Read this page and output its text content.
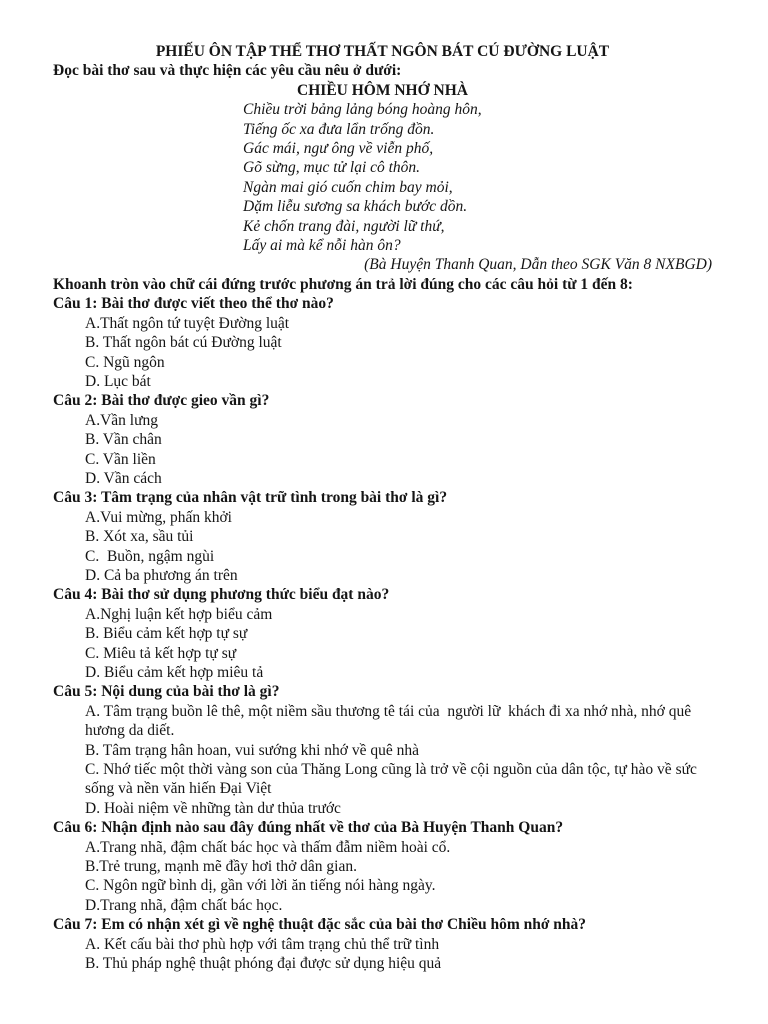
PHIẾU ÔN TẬP THỂ THƠ THẤT NGÔN BÁT CÚ ĐƯỜNG LUẬT
Đọc bài thơ sau và thực hiện các yêu cầu nêu ở dưới:
CHIỀU HÔM NHỚ NHÀ
Chiều trời bảng lảng bóng hoàng hôn,
Tiếng ốc xa đưa lẩn trống đồn.
Gác mái, ngư ông về viễn phố,
Gõ sừng, mục tử lại cô thôn.
Ngàn mai gió cuốn chim bay mỏi,
Dặm liễu sương sa khách bước dồn.
Kẻ chốn trang đài, người lữ thứ,
Lấy ai mà kể nỗi hàn ôn?
(Bà Huyện Thanh Quan, Dẫn theo SGK Văn 8 NXBGD)
Khoanh tròn vào chữ cái đứng trước phương án trả lời đúng cho các câu hỏi từ 1 đến 8:
Câu 1: Bài thơ được viết theo thể thơ nào?
A.Thất ngôn tứ tuyệt Đường luật
B. Thất ngôn bát cú Đường luật
C. Ngũ ngôn
D. Lục bát
Câu 2: Bài thơ được gieo vần gì?
A.Vần lưng
B. Vần chân
C. Vần liền
D. Vần cách
Câu 3: Tâm trạng của nhân vật trữ tình trong bài thơ là gì?
A.Vui mừng, phấn khởi
B. Xót xa, sầu tủi
C.  Buồn, ngậm ngùi
D. Cả ba phương án trên
Câu 4: Bài thơ sử dụng phương thức biểu đạt nào?
A.Nghị luận kết hợp biểu cảm
B. Biểu cảm kết hợp tự sự
C. Miêu tả kết hợp tự sự
D. Biểu cảm kết hợp miêu tả
Câu 5: Nội dung của bài thơ là gì?
A. Tâm trạng buồn lê thê, một niềm sầu thương tê tái của  người lữ  khách đi xa nhớ nhà, nhớ quê hương da diết.
B. Tâm trạng hân hoan, vui sướng khi nhớ về quê nhà
C. Nhớ tiếc một thời vàng son của Thăng Long cũng là trở về cội nguồn của dân tộc, tự hào về sức sống và nền văn hiến Đại Việt
D. Hoài niệm về những tàn dư thủa trước
Câu 6: Nhận định nào sau đây đúng nhất về thơ của Bà Huyện Thanh Quan?
A.Trang nhã, đậm chất bác học và thấm đẫm niềm hoài cổ.
B.Trẻ trung, mạnh mẽ đầy hơi thở dân gian.
C. Ngôn ngữ bình dị, gần với lời ăn tiếng nói hàng ngày.
D.Trang nhã, đậm chất bác học.
Câu 7: Em có nhận xét gì về nghệ thuật đặc sắc của bài thơ Chiều hôm nhớ nhà?
A. Kết cấu bài thơ phù hợp với tâm trạng chủ thể trữ tình
B. Thủ pháp nghệ thuật phóng đại được sử dụng hiệu quả
